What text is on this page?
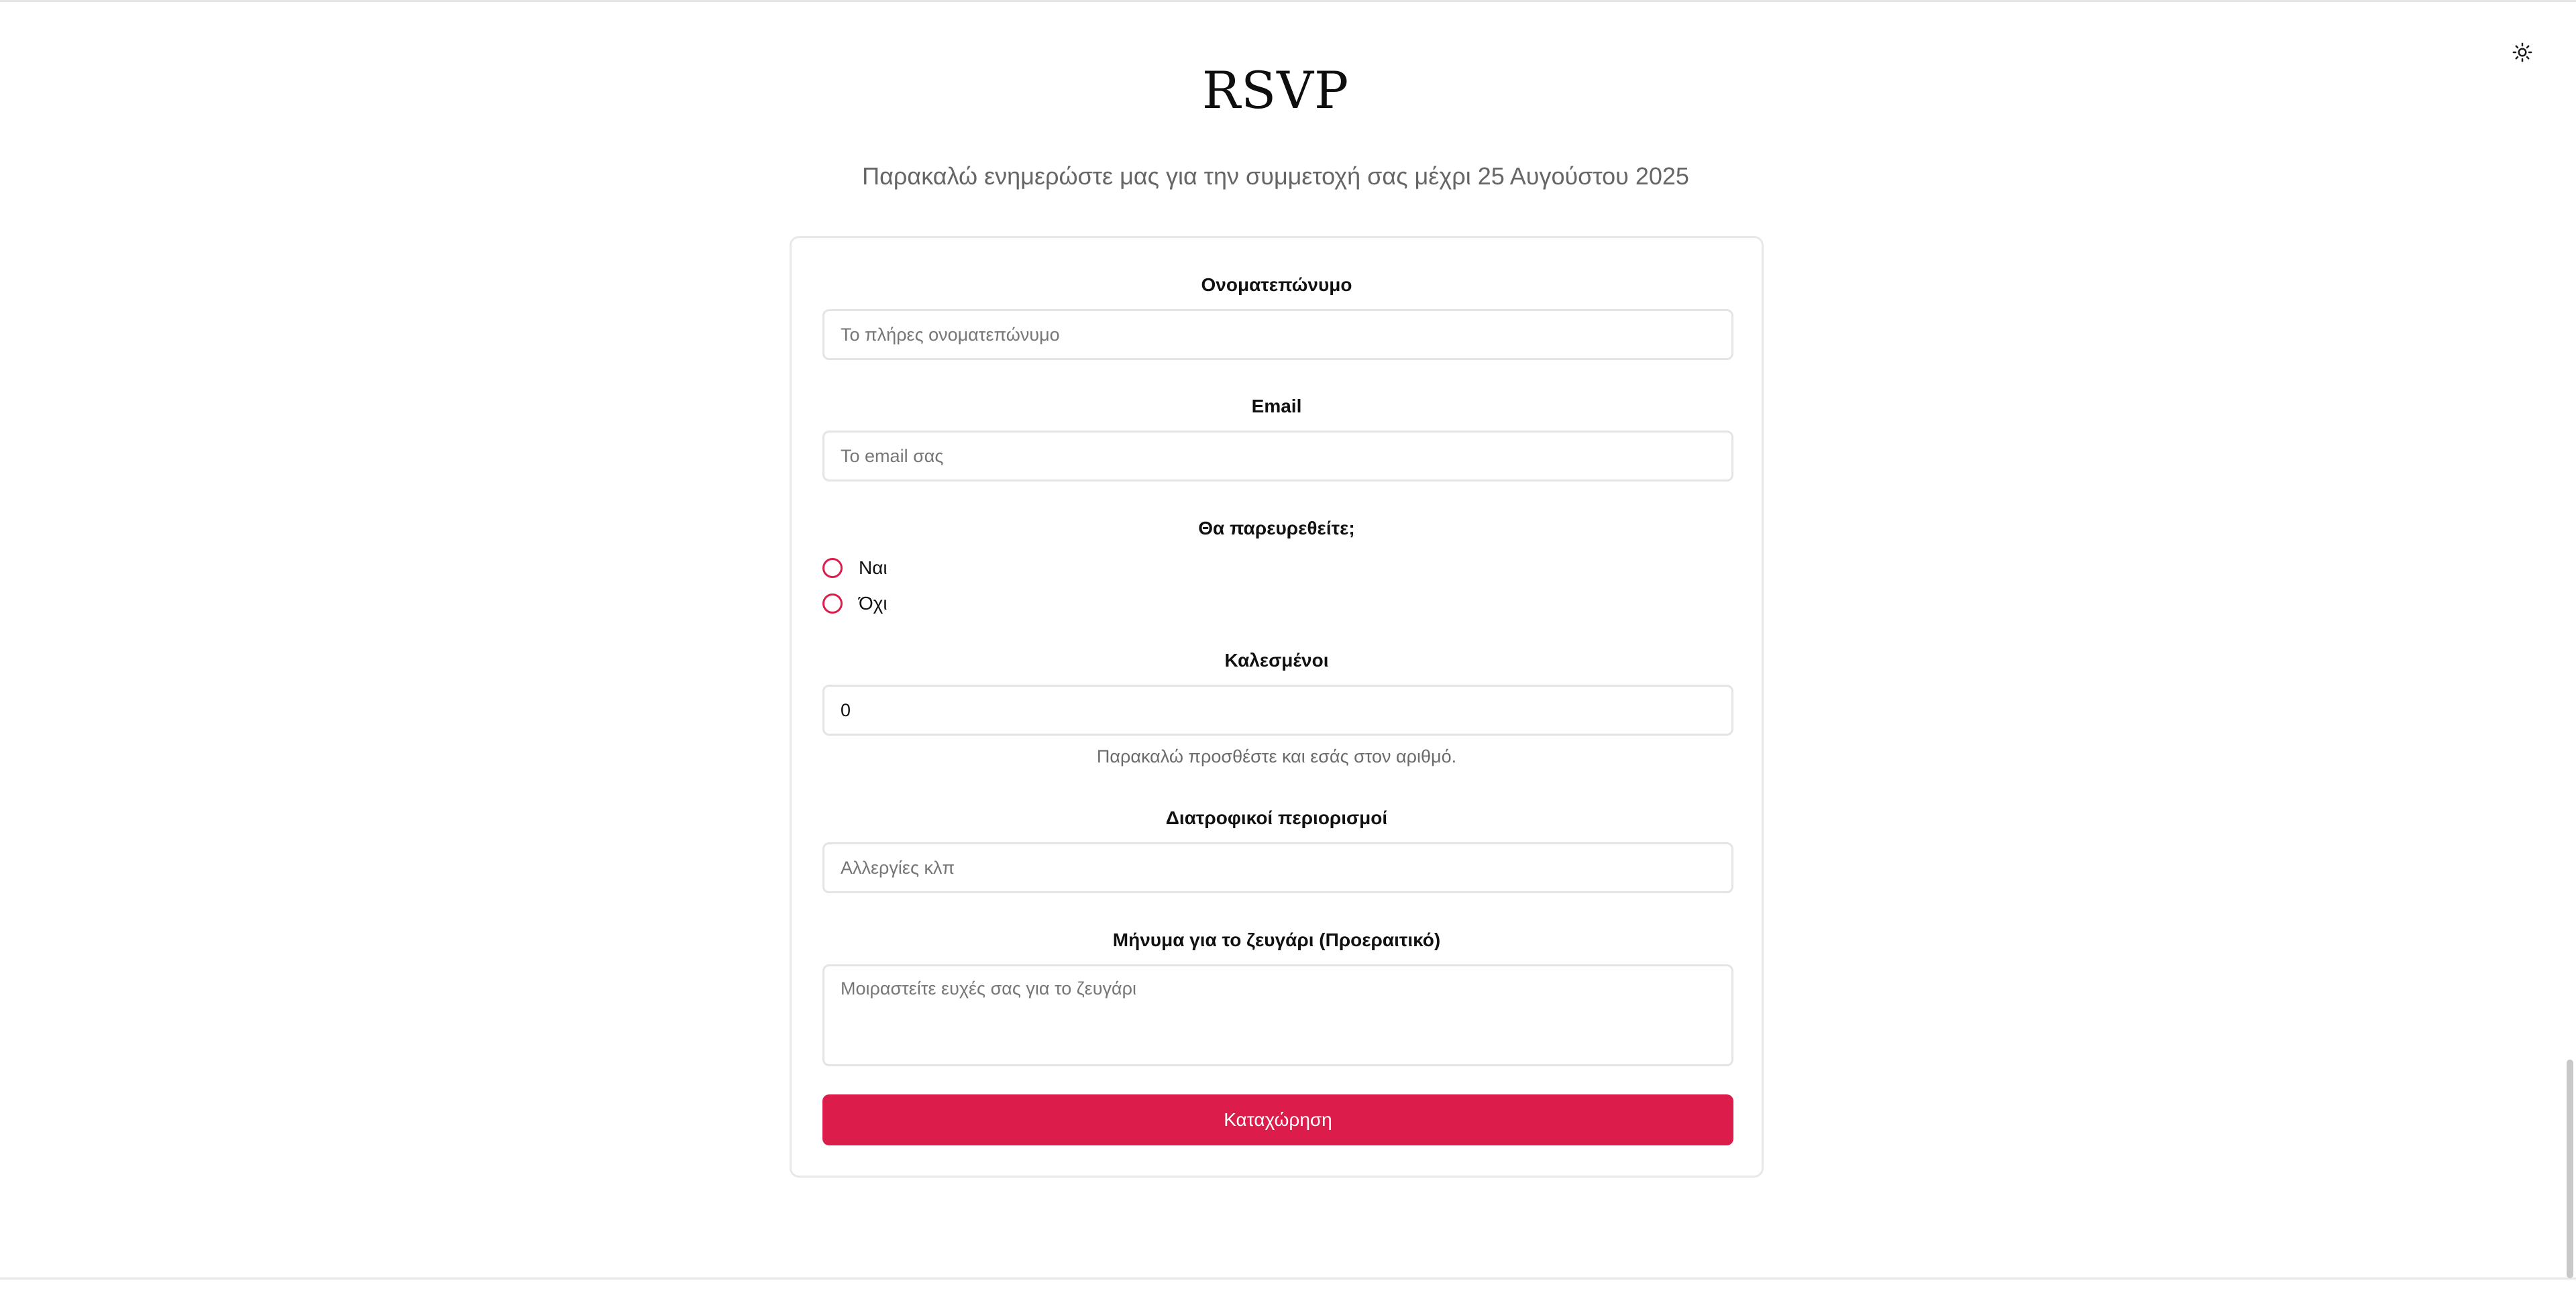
RSVP

Παρακαλώ ενημερώστε μας για την συμμετοχή σας μέχρι 25 Αυγούστου 2025

Ονοματεπώνυμο
Το πλήρες ονοματεπώνυμο
Email
Το email σας
Θα παρευρεθείτε;
Ναι
Όχι
Καλεσμένοι
0
Παρακαλώ προσθέστε και εσάς στον αριθμό.
Διατροφικοί περιορισμοί
Αλλεργίες κλπ
Μήνυμα για το ζευγάρι (Προεραιτικό)
Μοιραστείτε ευχές σας για το ζευγάρι
Καταχώρηση
